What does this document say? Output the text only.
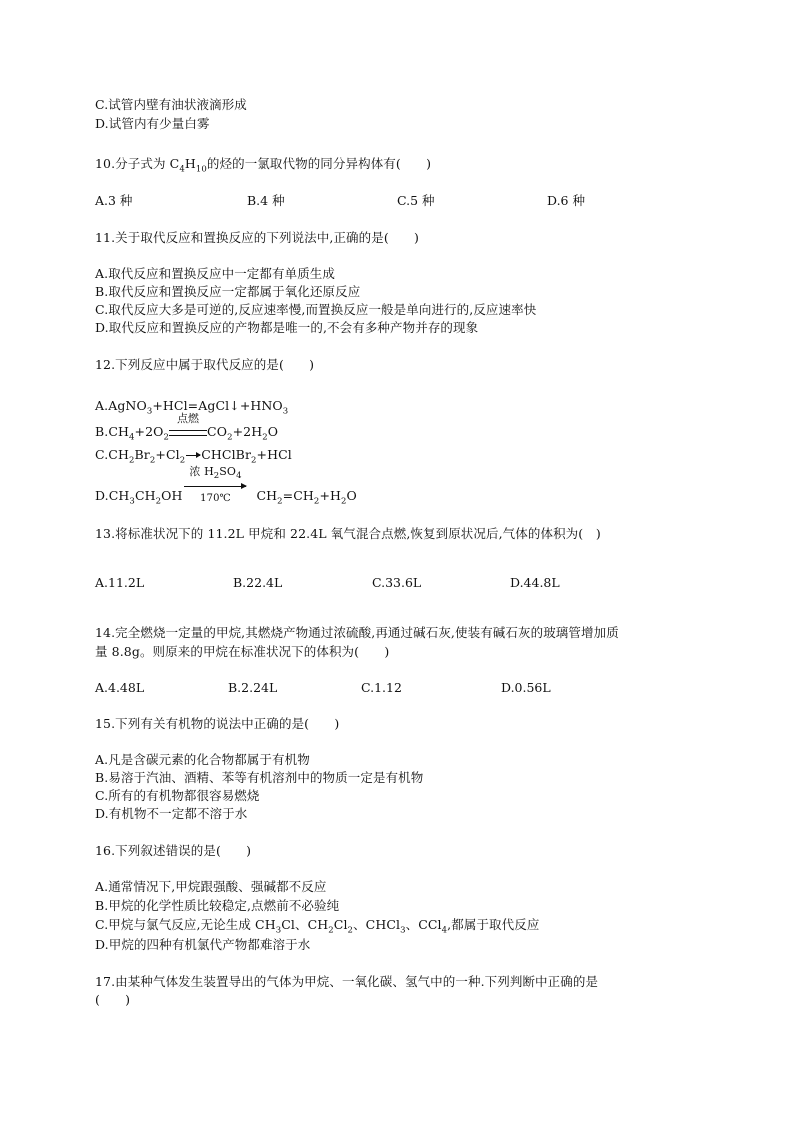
C.试管内壁有油状液滴形成
D.试管内有少量白雾
10.分子式为 $C_4H_{10}$的烃的一氯取代物的同分异构体有(　　)
A.3 种	B.4 种	C.5 种	D.6 种
11.关于取代反应和置换反应的下列说法中,正确的是(　　)
A.取代反应和置换反应中一定都有单质生成
B.取代反应和置换反应一定都属于氧化还原反应
C.取代反应大多是可逆的,反应速率慢,而置换反应一般是单向进行的,反应速率快
D.取代反应和置换反应的产物都是唯一的,不会有多种产物并存的现象
12.下列反应中属于取代反应的是(　　)
$A.AgNO_3+HCl=AgCl↓+HNO_3$
$B.CH_4+2O_2$
点燃
$CO_2+2H_2O$
$C.CH_2Br_2+Cl_2\to CHClBr_2+HCl$
$D.CH_3CH_2OH$
浓 $H_2SO_4$
170℃	$CH_2=CH_2+H_2O$
13.将标准状况下的 11.2L 甲烷和 22.4L 氧气混合点燃,恢复到原状况后,气体的体积为(　)
A.11.2L	B.22.4L	C.33.6L	D.44.8L
14.完全燃烧一定量的甲烷,其燃烧产物通过浓硫酸,再通过碱石灰,使装有碱石灰的玻璃管增加质
量 8.8g。则原来的甲烷在标准状况下的体积为(　　)
A.4.48L	B.2.24L	C.1.12	D.0.56L
15.下列有关有机物的说法中正确的是(　　)
A.凡是含碳元素的化合物都属于有机物
B.易溶于汽油、酒精、苯等有机溶剂中的物质一定是有机物
C.所有的有机物都很容易燃烧
D.有机物不一定都不溶于水
16.下列叙述错误的是(　　)
A.通常情况下,甲烷跟强酸、强碱都不反应
B.甲烷的化学性质比较稳定,点燃前不必验纯
C.甲烷与氯气反应,无论生成 $CH_3Cl$、$CH_2Cl_2$、CHCl$_3$、CCl$_4$,都属于取代反应
D.甲烷的四种有机氯代产物都难溶于水
17.由某种气体发生装置导出的气体为甲烷、一氧化碳、氢气中的一种.下列判断中正确的是
(　　)
